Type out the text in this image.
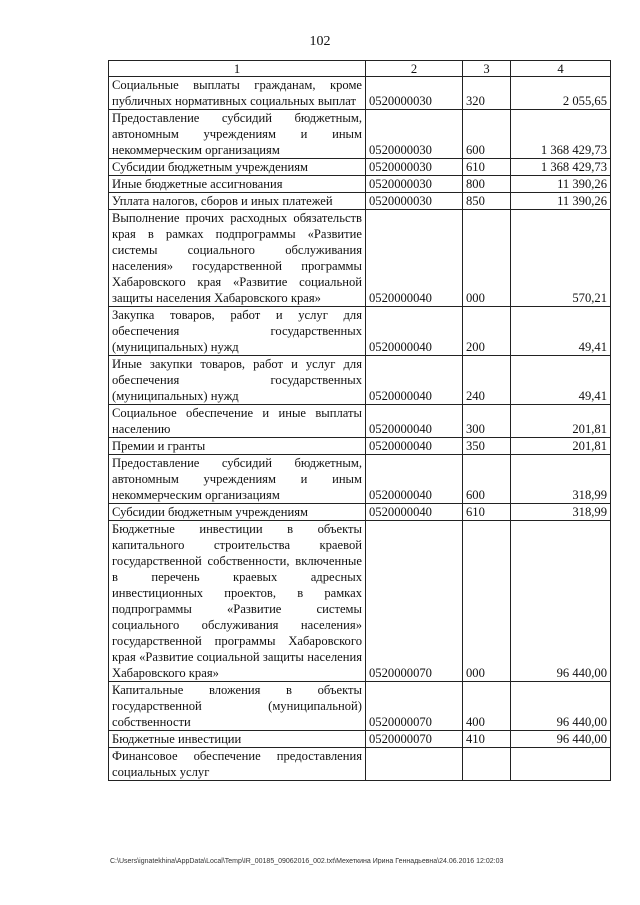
102
1	2	3	4
Социальные выплаты гражданам, кроме публичных нормативных социальных выплат	0520000030	320	2 055,65
Предоставление субсидий бюджетным, автономным учреждениям и иным некоммерческим организациям	0520000030	600	1 368 429,73
Субсидии бюджетным учреждениям	0520000030	610	1 368 429,73
Иные бюджетные ассигнования	0520000030	800	11 390,26
Уплата налогов, сборов и иных платежей	0520000030	850	11 390,26
Выполнение прочих расходных обязательств края в рамках подпрограммы «Развитие системы социального обслуживания населения» государственной программы Хабаровского края «Развитие социальной защиты населения Хабаровского края»	0520000040	000	570,21
Закупка товаров, работ и услуг для обеспечения государственных (муниципальных) нужд	0520000040	200	49,41
Иные закупки товаров, работ и услуг для обеспечения государственных (муниципальных) нужд	0520000040	240	49,41
Социальное обеспечение и иные выплаты населению	0520000040	300	201,81
Премии и гранты	0520000040	350	201,81
Предоставление субсидий бюджетным, автономным учреждениям и иным некоммерческим организациям	0520000040	600	318,99
Субсидии бюджетным учреждениям	0520000040	610	318,99
Бюджетные инвестиции в объекты капитального строительства краевой государственной собственности, включенные в перечень краевых адресных инвестиционных проектов, в рамках подпрограммы «Развитие системы социального обслуживания населения» государственной программы Хабаровского края «Развитие социальной защиты населения Хабаровского края»	0520000070	000	96 440,00
Капитальные вложения в объекты государственной (муниципальной) собственности	0520000070	400	96 440,00
Бюджетные инвестиции	0520000070	410	96 440,00
Финансовое обеспечение предоставления социальных услуг			
C:\Users\ignatekhina\AppData\Local\Temp\IR_00185_09062016_002.txt\Мехеткина Ирина Геннадьевна\24.06.2016 12:02:03
